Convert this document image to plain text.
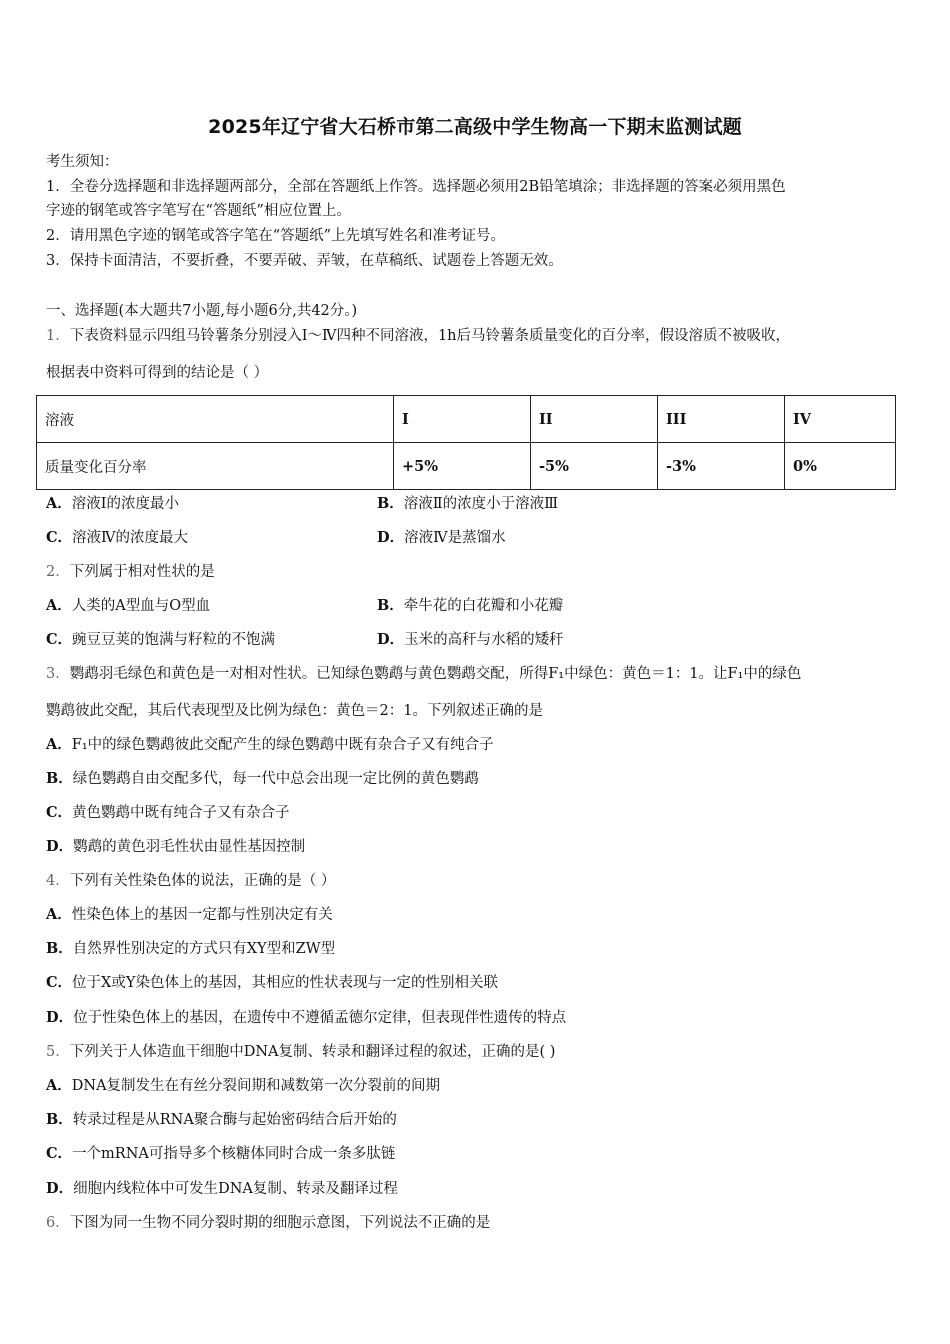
2025年辽宁省大石桥市第二高级中学生物高一下期末监测试题
考生须知：
1．全卷分选择题和非选择题两部分，全部在答题纸上作答。选择题必须用2B铅笔填涂；非选择题的答案必须用黑色
字迹的钢笔或答字笔写在“答题纸”相应位置上。
2．请用黑色字迹的钢笔或答字笔在“答题纸”上先填写姓名和准考证号。
3．保持卡面清洁，不要折叠，不要弄破、弄皱，在草稿纸、试题卷上答题无效。
一、选择题(本大题共7小题,每小题6分,共42分。)
1．下表资料显示四组马铃薯条分别浸入Ⅰ～Ⅳ四种不同溶液，1h后马铃薯条质量变化的百分率，假设溶质不被吸收，
根据表中资料可得到的结论是（ ）
溶液	I	II	III	IV
质量变化百分率	+5%	-5%	-3%	0%
A．溶液Ⅰ的浓度最小	B．溶液Ⅱ的浓度小于溶液Ⅲ
C．溶液Ⅳ的浓度最大	D．溶液Ⅳ是蒸馏水
2．下列属于相对性状的是
A．人类的A型血与O型血	B．牵牛花的白花瓣和小花瓣
C．豌豆豆荚的饱满与籽粒的不饱满	D．玉米的高秆与水稻的矮秆
3．鹦鹉羽毛绿色和黄色是一对相对性状。已知绿色鹦鹉与黄色鹦鹉交配，所得F₁中绿色：黄色＝1：1。让F₁中的绿色
鹦鹉彼此交配，其后代表现型及比例为绿色：黄色＝2：1。下列叙述正确的是
A．F₁中的绿色鹦鹉彼此交配产生的绿色鹦鹉中既有杂合子又有纯合子
B．绿色鹦鹉自由交配多代，每一代中总会出现一定比例的黄色鹦鹉
C．黄色鹦鹉中既有纯合子又有杂合子
D．鹦鹉的黄色羽毛性状由显性基因控制
4．下列有关性染色体的说法，正确的是（ ）
A．性染色体上的基因一定都与性别决定有关
B．自然界性别决定的方式只有XY型和ZW型
C．位于X或Y染色体上的基因，其相应的性状表现与一定的性别相关联
D．位于性染色体上的基因，在遗传中不遵循孟德尔定律，但表现伴性遗传的特点
5．下列关于人体造血干细胞中DNA复制、转录和翻译过程的叙述，正确的是( )
A．DNA复制发生在有丝分裂间期和减数第一次分裂前的间期
B．转录过程是从RNA聚合酶与起始密码结合后开始的
C．一个mRNA可指导多个核糖体同时合成一条多肽链
D．细胞内线粒体中可发生DNA复制、转录及翻译过程
6．下图为同一生物不同分裂时期的细胞示意图，下列说法不正确的是
